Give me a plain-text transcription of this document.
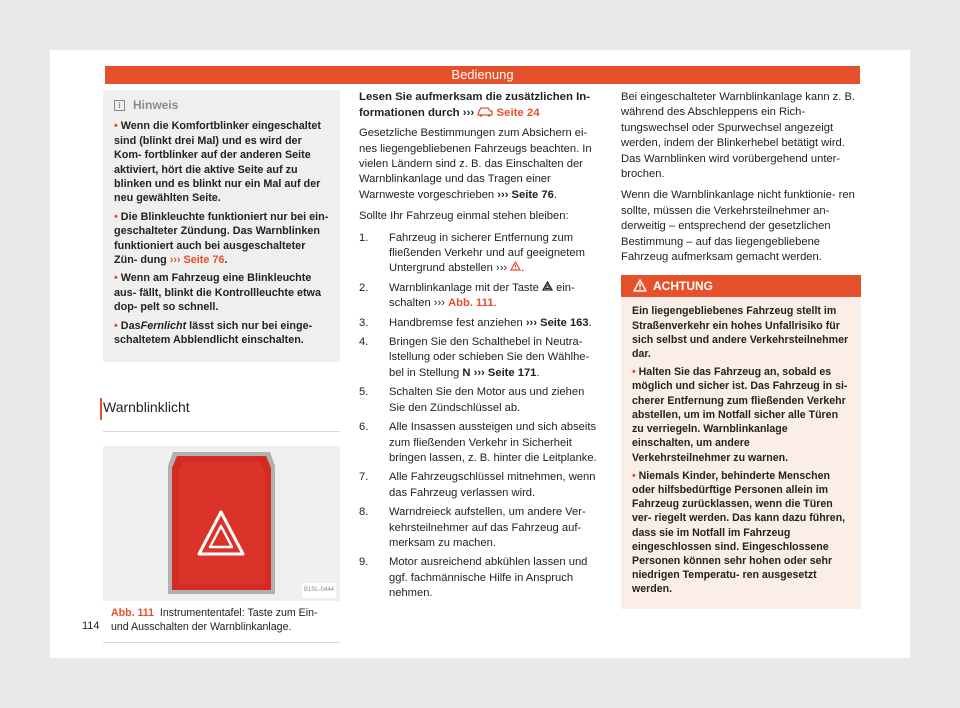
Bedienung
i	Hinweis

• Wenn die Komfortblinker eingeschaltet sind (blinkt drei Mal) und es wird der Kom- fortblinker auf der anderen Seite aktiviert, hört die aktive Seite auf zu blinken und es blinkt nur ein Mal auf der neu gewählten Seite.

• Die Blinkleuchte funktioniert nur bei ein- geschalteter Zündung. Das Warnblinken funktioniert auch bei ausgeschalteter Zün- dung ››› Seite 76.

• Wenn am Fahrzeug eine Blinkleuchte aus- fällt, blinkt die Kontrollleuchte etwa dop- pelt so schnell.

• DasFernlicht lässt sich nur bei einge- schaltetem Abblendlicht einschalten.

Warnblinklicht
B1SL-0444
Abb. 111 Instrumententafel: Taste zum Ein- und Ausschalten der Warnblinkanlage.
Lesen Sie aufmerksam die zusätzlichen In- formationen durch ›››  Seite 24

Gesetzliche Bestimmungen zum Absichern ei- nes liegengebliebenen Fahrzeugs beachten. In vielen Ländern sind z. B. das Einschalten der Warnblinkanlage und das Tragen einer Warnweste vorgeschrieben ››› Seite 76.

Sollte Ihr Fahrzeug einmal stehen bleiben:

1. Fahrzeug in sicherer Entfernung zum fließenden Verkehr und auf geeignetem Untergrund abstellen ››› .
2. Warnblinkanlage mit der Taste ein- schalten ››› Abb. 111.
3. Handbremse fest anziehen ››› Seite 163.
4. Bringen Sie den Schalthebel in Neutra- lstellung oder schieben Sie den Wählhe- bel in Stellung N ››› Seite 171.
5. Schalten Sie den Motor aus und ziehen Sie den Zündschlüssel ab.
6. Alle Insassen aussteigen und sich abseits zum fließenden Verkehr in Sicherheit bringen lassen, z. B. hinter die Leitplanke.
7. Alle Fahrzeugschlüssel mitnehmen, wenn das Fahrzeug verlassen wird.
8. Warndreieck aufstellen, um andere Ver- kehrsteilnehmer auf das Fahrzeug auf- merksam zu machen.
9. Motor ausreichend abkühlen lassen und ggf. fachmännische Hilfe in Anspruch nehmen.

Bei eingeschalteter Warnblinkanlage kann z. B. während des Abschleppens ein Rich- tungswechsel oder Spurwechsel angezeigt werden, indem der Blinkerhebel betätigt wird. Das Warnblinken wird vorübergehend unter- brochen.

Wenn die Warnblinkanlage nicht funktionie- ren sollte, müssen die Verkehrsteilnehmer an- derweitig – entsprechend der gesetzlichen Bestimmung – auf das liegengebliebene Fahrzeug aufmerksam gemacht werden.

ACHTUNG

Ein liegengebliebenes Fahrzeug stellt im Straßenverkehr ein hohes Unfallrisiko für sich selbst und andere Verkehrsteilnehmer dar.

• Halten Sie das Fahrzeug an, sobald es möglich und sicher ist. Das Fahrzeug in si- cherer Entfernung zum fließenden Verkehr abstellen, um im Notfall sicher alle Türen zu verriegeln. Warnblinkanlage einschalten, um andere Verkehrsteilnehmer zu warnen.

• Niemals Kinder, behinderte Menschen oder hilfsbedürftige Personen allein im Fahrzeug zurücklassen, wenn die Türen ver- riegelt werden. Das kann dazu führen, dass sie im Notfall im Fahrzeug eingeschlossen sind. Eingeschlossene Personen können sehr hohen oder sehr niedrigen Temperatu- ren ausgesetzt werden.

114
